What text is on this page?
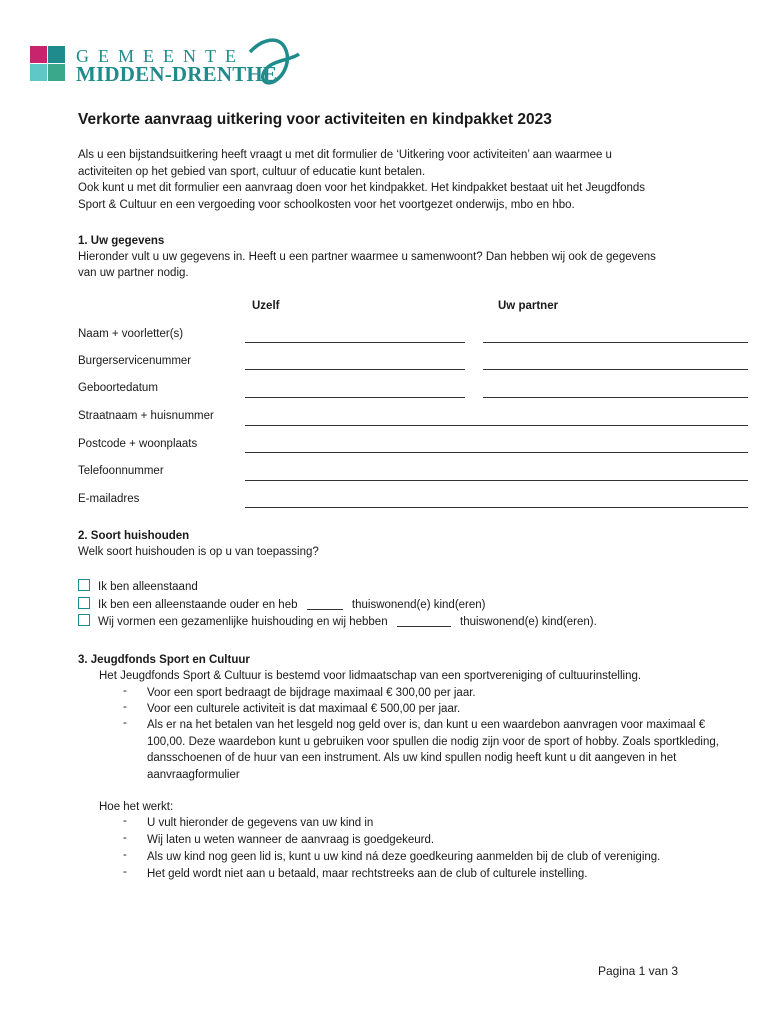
GEMEENTE
MIDDEN-DRENTHE
Verkorte aanvraag uitkering voor activiteiten en kindpakket 2023
Als u een bijstandsuitkering heeft vraagt u met dit formulier de ‘Uitkering voor activiteiten’ aan waarmee u
activiteiten op het gebied van sport, cultuur of educatie kunt betalen.
Ook kunt u met dit formulier een aanvraag doen voor het kindpakket. Het kindpakket bestaat uit het Jeugdfonds
Sport & Cultuur en een vergoeding voor schoolkosten voor het voortgezet onderwijs, mbo en hbo.
1. Uw gegevens
Hieronder vult u uw gegevens in. Heeft u een partner waarmee u samenwoont? Dan hebben wij ook de gegevens
van uw partner nodig.
Uzelf	Uw partner
Naam + voorletter(s)
Burgerservicenummer
Geboortedatum
Straatnaam + huisnummer
Postcode + woonplaats
Telefoonnummer
E-mailadres
2. Soort huishouden
Welk soort huishouden is op u van toepassing?
Ik ben alleenstaand
Ik ben een alleenstaande ouder en heb	thuiswonend(e) kind(eren)
Wij vormen een gezamenlijke huishouding en wij hebben	thuiswonend(e) kind(eren).
3. Jeugdfonds Sport en Cultuur
Het Jeugdfonds Sport & Cultuur is bestemd voor lidmaatschap van een sportvereniging of cultuurinstelling.
- Voor een sport bedraagt de bijdrage maximaal € 300,00 per jaar.
- Voor een culturele activiteit is dat maximaal € 500,00 per jaar.
- Als er na het betalen van het lesgeld nog geld over is, dan kunt u een waardebon aanvragen voor maximaal € 100,00. Deze waardebon kunt u gebruiken voor spullen die nodig zijn voor de sport of hobby. Zoals sportkleding, dansschoenen of de huur van een instrument. Als uw kind spullen nodig heeft kunt u dit aangeven in het aanvraagformulier
Hoe het werkt:
- U vult hieronder de gegevens van uw kind in
- Wij laten u weten wanneer de aanvraag is goedgekeurd.
- Als uw kind nog geen lid is, kunt u uw kind ná deze goedkeuring aanmelden bij de club of vereniging.
- Het geld wordt niet aan u betaald, maar rechtstreeks aan de club of culturele instelling.
Pagina 1 van 3
